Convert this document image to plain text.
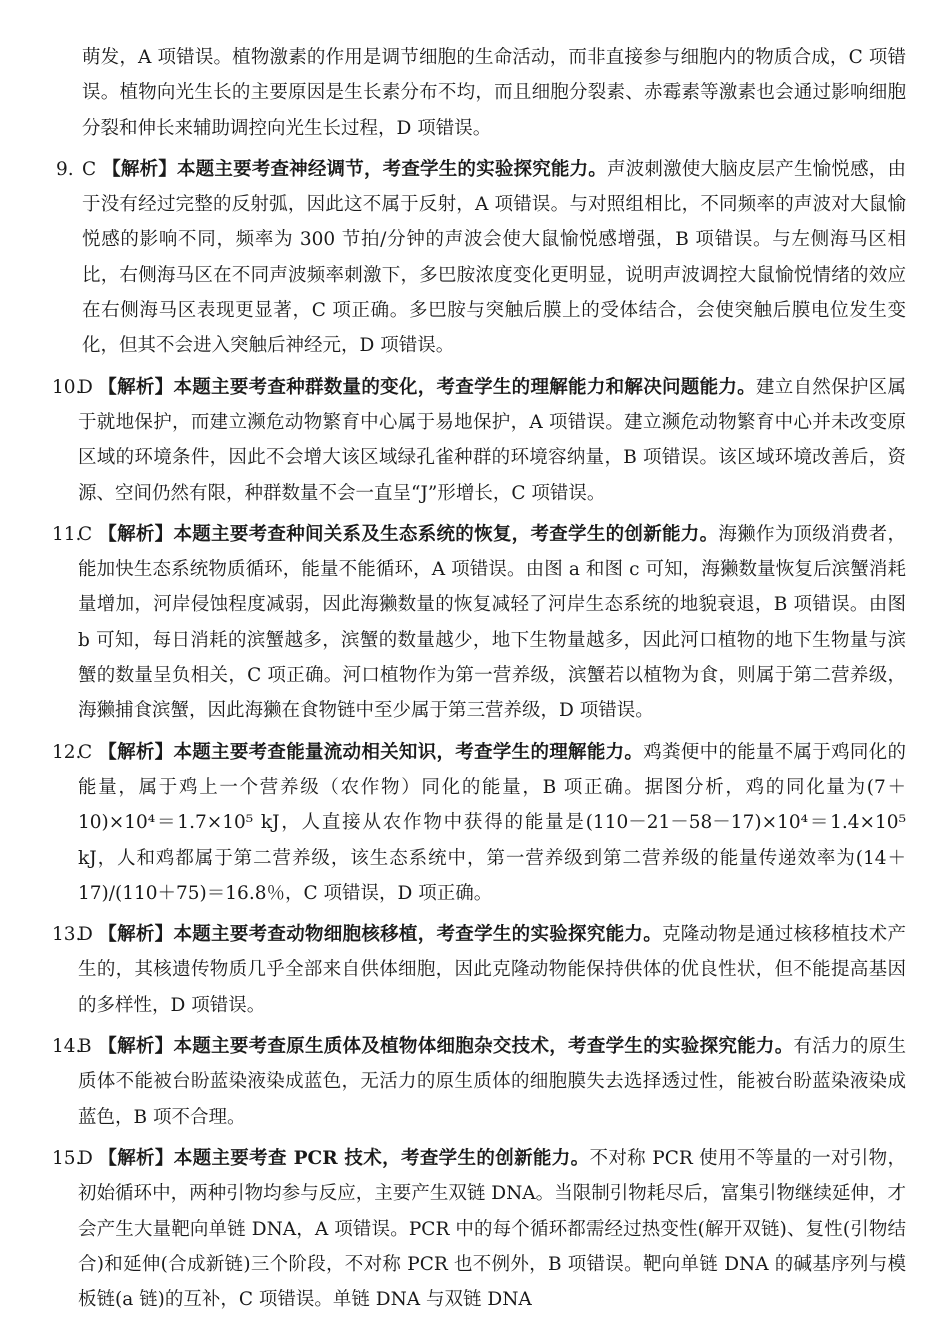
萌发，A 项错误。植物激素的作用是调节细胞的生命活动，而非直接参与细胞内的物质合成，C 项错误。植物向光生长的主要原因是生长素分布不均，而且细胞分裂素、赤霉素等激素也会通过影响细胞分裂和伸长来辅助调控向光生长过程，D 项错误。

9. C 【解析】本题主要考查神经调节，考查学生的实验探究能力。声波刺激使大脑皮层产生愉悦感，由于没有经过完整的反射弧，因此这不属于反射，A 项错误。与对照组相比，不同频率的声波对大鼠愉悦感的影响不同，频率为 300 节拍/分钟的声波会使大鼠愉悦感增强，B 项错误。与左侧海马区相比，右侧海马区在不同声波频率刺激下，多巴胺浓度变化更明显，说明声波调控大鼠愉悦情绪的效应在右侧海马区表现更显著，C 项正确。多巴胺与突触后膜上的受体结合，会使突触后膜电位发生变化，但其不会进入突触后神经元，D 项错误。
10.
D 【解析】本题主要考查种群数量的变化，考查学生的理解能力和解决问题能力。建立自然保护区属于就地保护，而建立濒危动物繁育中心属于易地保护，A 项错误。建立濒危动物繁育中心并未改变原区域的环境条件，因此不会增大该区域绿孔雀种群的环境容纳量，B 项错误。该区域环境改善后，资源、空间仍然有限，种群数量不会一直呈“J”形增长，C 项错误。
11.
C 【解析】本题主要考查种间关系及生态系统的恢复，考查学生的创新能力。海獭作为顶级消费者，能加快生态系统物质循环，能量不能循环，A 项错误。由图 a 和图 c 可知，海獭数量恢复后滨蟹消耗量增加，河岸侵蚀程度减弱，因此海獭数量的恢复减轻了河岸生态系统的地貌衰退，B 项错误。由图 b 可知，每日消耗的滨蟹越多，滨蟹的数量越少，地下生物量越多，因此河口植物的地下生物量与滨蟹的数量呈负相关，C 项正确。河口植物作为第一营养级，滨蟹若以植物为食，则属于第二营养级，海獭捕食滨蟹，因此海獭在食物链中至少属于第三营养级，D 项错误。
12.
C 【解析】本题主要考查能量流动相关知识，考查学生的理解能力。鸡粪便中的能量不属于鸡同化的能量，属于鸡上一个营养级（农作物）同化的能量，B 项正确。据图分析，鸡的同化量为(7＋10)×10⁴＝1.7×10⁵ kJ，人直接从农作物中获得的能量是(110－21－58－17)×10⁴＝1.4×10⁵ kJ，人和鸡都属于第二营养级，该生态系统中，第一营养级到第二营养级的能量传递效率为(14＋17)/(110＋75)＝16.8％，C 项错误，D 项正确。
13.
D 【解析】本题主要考查动物细胞核移植，考查学生的实验探究能力。克隆动物是通过核移植技术产生的，其核遗传物质几乎全部来自供体细胞，因此克隆动物能保持供体的优良性状，但不能提高基因的多样性，D 项错误。
14.
B 【解析】本题主要考查原生质体及植物体细胞杂交技术，考查学生的实验探究能力。有活力的原生质体不能被台盼蓝染液染成蓝色，无活力的原生质体的细胞膜失去选择透过性，能被台盼蓝染液染成蓝色，B 项不合理。
15.
D 【解析】本题主要考查 PCR 技术，考查学生的创新能力。不对称 PCR 使用不等量的一对引物，初始循环中，两种引物均参与反应，主要产生双链 DNA。当限制引物耗尽后，富集引物继续延伸，才会产生大量靶向单链 DNA，A 项错误。PCR 中的每个循环都需经过热变性(解开双链)、复性(引物结合)和延伸(合成新链)三个阶段，不对称 PCR 也不例外，B 项错误。靶向单链 DNA 的碱基序列与模板链(a 链)的互补，C 项错误。单链 DNA 与双链 DNA
